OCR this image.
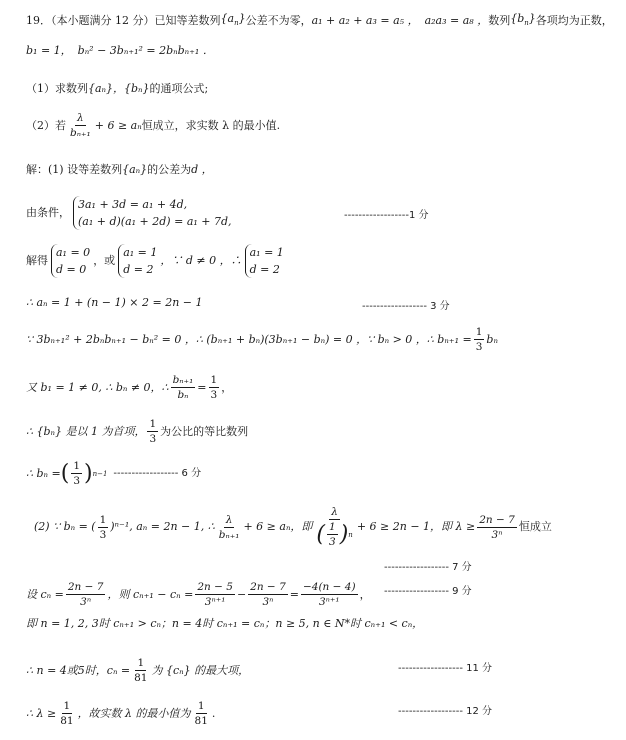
19．（本小题满分 12 分）已知等差数列 $\{a_n\}$ 公差不为零， a₁ + a₂ + a₃ = a₅ ， a₂a₃ = a₈ ， 数列 $\{b_n\}$ 各项均为正数，
b₁ = 1， bₙ² − 3bₙ₊₁² = 2bₙbₙ₊₁ ．
（1）求数列 {aₙ}， {bₙ} 的通项公式;
（2）若 $\frac{\lambda}{\text{bₙ₊₁}} + 6 \ge a_n$ 恒成立，求实数 λ 的最小值.
解：(1) 设等差数列 {aₙ} 的公差为 d ，
由条件，
3a₁ + 3d = a₁ + 4d,
(a₁ + d)(a₁ + 2d) = a₁ + 7d,	------------------1 分
解得
a₁ = 0
d = 0
，或
a₁ = 1
d = 2
，∵ d ≠ 0 ，∴
a₁ = 1
d = 2
∴ aₙ = 1 + (n − 1) × 2 = 2n − 1	------------------ 3 分
∵ 3bₙ₊₁² + 2bₙbₙ₊₁ − bₙ² = 0 ，∴ (bₙ₊₁ + bₙ)(3bₙ₊₁ − bₙ) = 0 ，∵ bₙ > 0 ，∴ $b_{n+1} = \frac{1}{3}$ bₙ
又 b₁ = 1 ≠ 0, ∴ bₙ ≠ 0，∴ $\frac{\text{bₙ₊₁}}{\text{bₙ}} = \frac{1}{3}$ ，
∴ {bₙ} 是以 1 为首项， $\frac{1}{3}$ 为公比的等比数列
∴ bₙ = ( $\frac{1}{3}$ ) n−1 ------------------ 6 分
(2) ∵ bₙ = ( $\frac{1}{3} )^{n-1}$, aₙ = 2n − 1, ∴ $\frac{\lambda}{\text{bₙ₊₁}} + 6 \ge a_n$，即 $\frac{\lambda}{( \frac{1}{3} ) n} + 6 \ge 2n - 1$，即 $\lambda \ge \frac{2n - 7}{\text{3ⁿ}}$ 恒成立
------------------ 7 分
设 $c_n = \frac{2n - 7}{\text{3ⁿ}}$ ，则 $c_{n+1} - c_n = \frac{2n - 5}{\text{3ⁿ⁺¹}} - \frac{2n - 7}{\text{3ⁿ}} = \frac{-4(n - 4)}{\text{3ⁿ⁺¹}}$ ， ------------------ 9 分
即 n = 1, 2, 3时 cₙ₊₁ > cₙ；n = 4时 cₙ₊₁ = cₙ；n ≥ 5, n ∈ N*时 cₙ₊₁ < cₙ，
∴ n = 4或5时，$c_n = \frac{1}{81}$ 为 {cₙ} 的最大项，	------------------ 11 分
∴ $\lambda \ge \frac{1}{81}$ ，故实数 λ 的最小值为 $\frac{1}{81}$ .	------------------ 12 分
